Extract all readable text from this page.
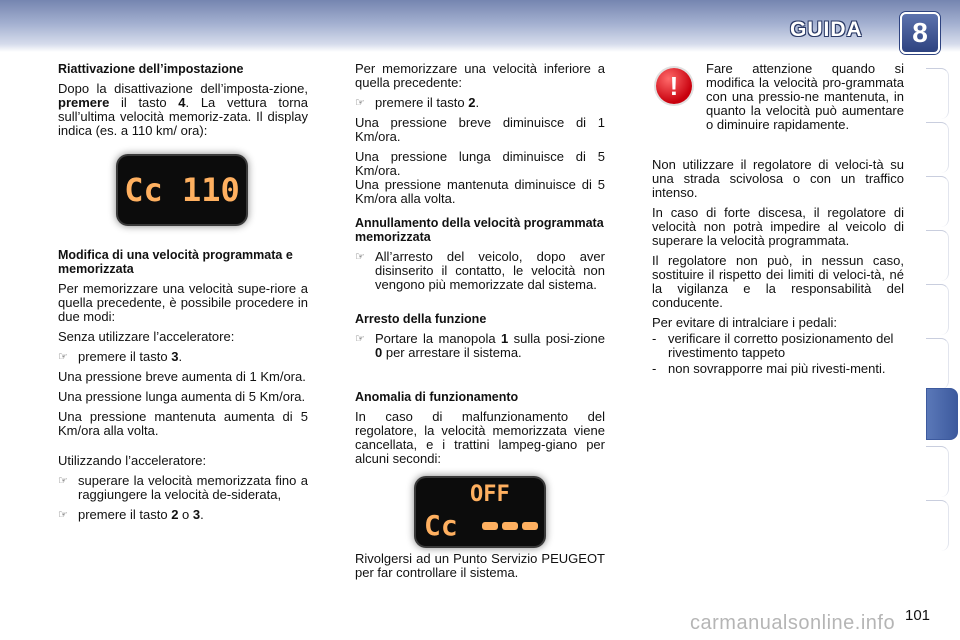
GUIDA	8
Riattivazione dell’impostazione

Dopo la disattivazione dell’imposta-zione, premere il tasto 4. La vettura torna sull’ultima velocità memoriz-zata. Il display indica (es. a 110 km/ ora):

Modifica di una velocità programmata e memorizzata

Per memorizzare una velocità supe-riore a quella precedente, è possibile procedere in due modi:

Senza utilizzare l’acceleratore:

☞ premere il tasto 3.

Una pressione breve aumenta di 1 Km/ora.

Una pressione lunga aumenta di 5 Km/ora.

Una pressione mantenuta aumenta di 5 Km/ora alla volta.

Utilizzando l’acceleratore:

☞ superare la velocità memorizzata fino a raggiungere la velocità de-siderata,
☞ premere il tasto 2 o 3.
Cc 110

Per memorizzare una velocità inferiore a quella precedente:

☞ premere il tasto 2.

Una pressione breve diminuisce di 1 Km/ora.

Una pressione lunga diminuisce di 5 Km/ora.

Una pressione mantenuta diminuisce di 5 Km/ora alla volta.

Annullamento della velocità programmata memorizzata
☞ All’arresto del veicolo, dopo aver disinserito il contatto, le velocità non vengono più memorizzate dal sistema.
Arresto della funzione
☞ Portare la manopola 1 sulla posi-zione 0 per arrestare il sistema.
Anomalia di funzionamento

In caso di malfunzionamento del regolatore, la velocità memorizzata viene cancellata, e i trattini lampeg-giano per alcuni secondi:

OFF
Cc

Rivolgersi ad un Punto Servizio PEUGEOT per far controllare il sistema.

!

Fare attenzione quando si modifica la velocità pro-grammata con una pressio-ne mantenuta, in quanto la velocità può aumentare o diminuire rapidamente.

Non utilizzare il regolatore di veloci-tà su una strada scivolosa o con un traffico intenso.

In caso di forte discesa, il regolatore di velocità non potrà impedire al veicolo di superare la velocità programmata.

Il regolatore non può, in nessun caso, sostituire il rispetto dei limiti di veloci-tà, né la vigilanza e la responsabilità del conducente.

Per evitare di intralciare i pedali:

- verificare il corretto posizionamento del rivestimento tappeto
- non sovrapporre mai più rivesti-menti.
101
carmanualsonline.info
